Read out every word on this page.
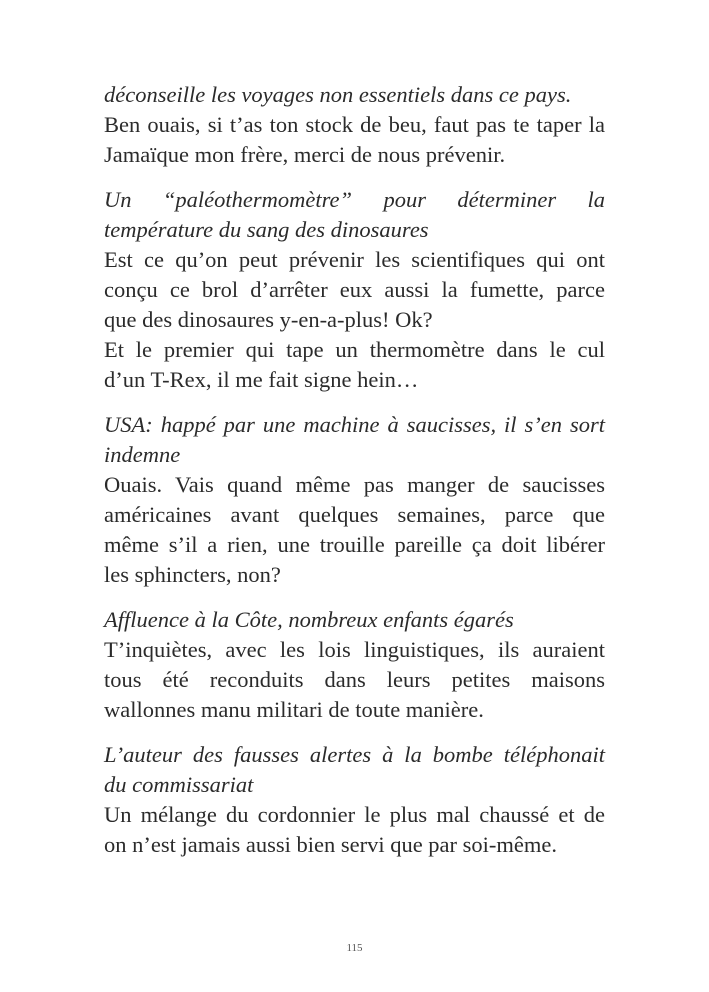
déconseille les voyages non essentiels dans ce pays.
Ben ouais, si t’as ton stock de beu, faut pas te taper la
Jamaïque mon frère, merci de nous prévenir.
Un “paléothermomètre” pour déterminer la
température du sang des dinosaures
Est ce qu’on peut prévenir les scientifiques qui ont
conçu ce brol d’arrêter eux aussi la fumette, parce
que des dinosaures y-en-a-plus! Ok?
Et le premier qui tape un thermomètre dans le cul
d’un T-Rex, il me fait signe hein…
USA: happé par une machine à saucisses, il s’en sort
indemne
Ouais. Vais quand même pas manger de saucisses
américaines avant quelques semaines, parce que
même s’il a rien, une trouille pareille ça doit libérer
les sphincters, non?
Affluence à la Côte, nombreux enfants égarés
T’inquiètes, avec les lois linguistiques, ils auraient
tous été reconduits dans leurs petites maisons
wallonnes manu militari de toute manière.
L’auteur des fausses alertes à la bombe téléphonait
du commissariat
Un mélange du cordonnier le plus mal chaussé et de
on n’est jamais aussi bien servi que par soi-même.
115
